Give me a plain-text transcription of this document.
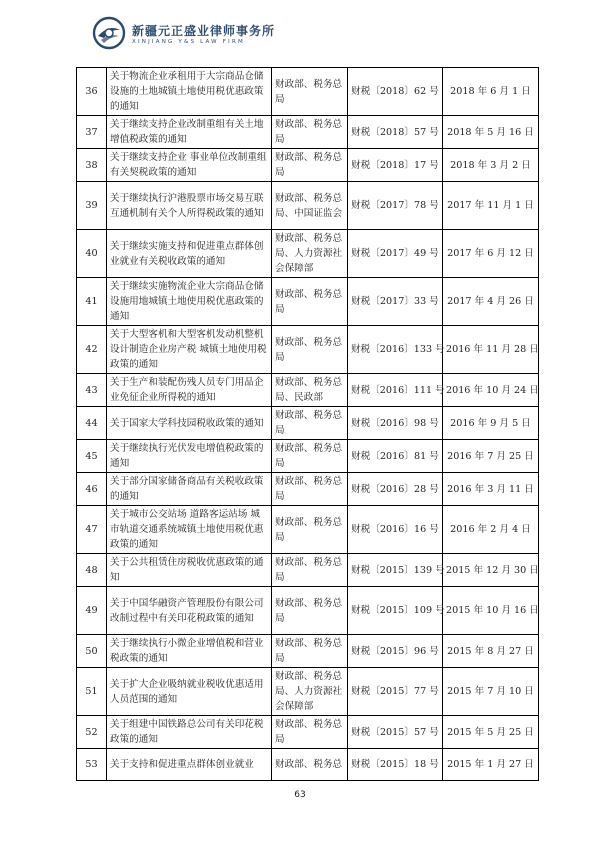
新疆元正盛业律师事务所
XINJIANG Y&S LAW FIRM
36	关于物流企业承租用于大宗商品仓储设施的土地城镇土地使用税优惠政策的通知	财政部、税务总局	财税〔2018〕62 号	2018 年 6 月 1 日
37	关于继续支持企业改制重组有关土地增值税政策的通知	财政部、税务总局	财税〔2018〕57 号	2018 年 5 月 16 日
38	关于继续支持企业 事业单位改制重组有关契税政策的通知	财政部、税务总局	财税〔2018〕17 号	2018 年 3 月 2 日
39	关于继续执行沪港股票市场交易互联互通机制有关个人所得税政策的通知	财政部、税务总局、中国证监会	财税〔2017〕78 号	2017 年 11 月 1 日
40	关于继续实施支持和促进重点群体创业就业有关税收政策的通知	财政部、税务总局、人力资源社会保障部	财税〔2017〕49 号	2017 年 6 月 12 日
41	关于继续实施物流企业大宗商品仓储设施用地城镇土地使用税优惠政策的通知	财政部、税务总局	财税〔2017〕33 号	2017 年 4 月 26 日
42	关于大型客机和大型客机发动机整机设计制造企业房产税 城镇土地使用税政策的通知	财政部、税务总局	财税〔2016〕133 号	2016 年 11 月 28 日
43	关于生产和装配伤残人员专门用品企业免征企业所得税的通知	财政部、税务总局、民政部	财税〔2016〕111 号	2016 年 10 月 24 日
44	关于国家大学科技园税收政策的通知	财政部、税务总局	财税〔2016〕98 号	2016 年 9 月 5 日
45	关于继续执行光伏发电增值税政策的通知	财政部、税务总局	财税〔2016〕81 号	2016 年 7 月 25 日
46	关于部分国家储备商品有关税收政策的通知	财政部、税务总局	财税〔2016〕28 号	2016 年 3 月 11 日
47	关于城市公交站场 道路客运站场 城市轨道交通系统城镇土地使用税优惠政策的通知	财政部、税务总局	财税〔2016〕16 号	2016 年 2 月 4 日
48	关于公共租赁住房税收优惠政策的通知	财政部、税务总局	财税〔2015〕139 号	2015 年 12 月 30 日
49	关于中国华融资产管理股份有限公司改制过程中有关印花税政策的通知	财政部、税务总局	财税〔2015〕109 号	2015 年 10 月 16 日
50	关于继续执行小微企业增值税和营业税政策的通知	财政部、税务总局	财税〔2015〕96 号	2015 年 8 月 27 日
51	关于扩大企业吸纳就业税收优惠适用人员范围的通知	财政部、税务总局、人力资源社会保障部	财税〔2015〕77 号	2015 年 7 月 10 日
52	关于组建中国铁路总公司有关印花税政策的通知	财政部、税务总局	财税〔2015〕57 号	2015 年 5 月 25 日
53	关于支持和促进重点群体创业就业	财政部、税务总	财税〔2015〕18 号	2015 年 1 月 27 日
63
